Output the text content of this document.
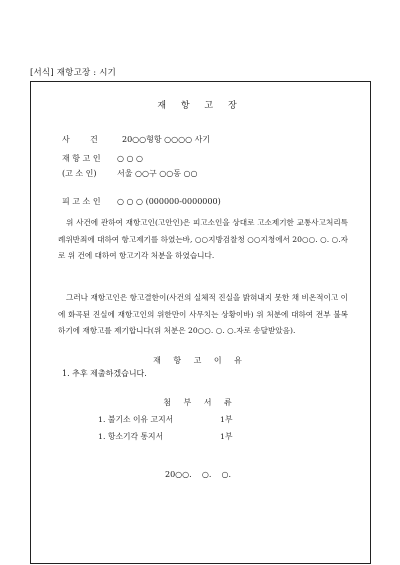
[서식] 재항고장 : 시기
재 항 고 장
사	건	20○○형항 ○○○○ 사기
재 항 고 인 ○ ○ ○
(고 소 인)	서울 ○○구 ○○동 ○○
피 고 소 인 ○ ○ ○ (000000-0000000)
위 사건에 관하여 재항고인(고안인)은 피고소인을 상대로 고소제기한 교통사고처리특례위반죄에 대하여 항고제기를 하였는바, ○○지방검찰청 ○○지청에서 20○○. ○. ○.자로 위 건에 대하여 항고기각 처분을 하였습니다.
그러나 재항고인은 항고결한이(사건의 실체적 진실을 밝혀내지 못한 채 비온적이고 이에 화곡된 진실에 재항고인의 위한만이 사무치는 상황이바) 위 처분에 대하여 전부 불복하기에 재항고를 제기합니다(위 처분은 20○○. ○. ○.자로 송달받았음).
재 항 고 이 유
1. 추후 제출하겠습니다.
첨 부 서 류
1. 불기소 이유 고지서	1부
1. 항소기각 통지서	1부
20○○.    ○.    ○.
